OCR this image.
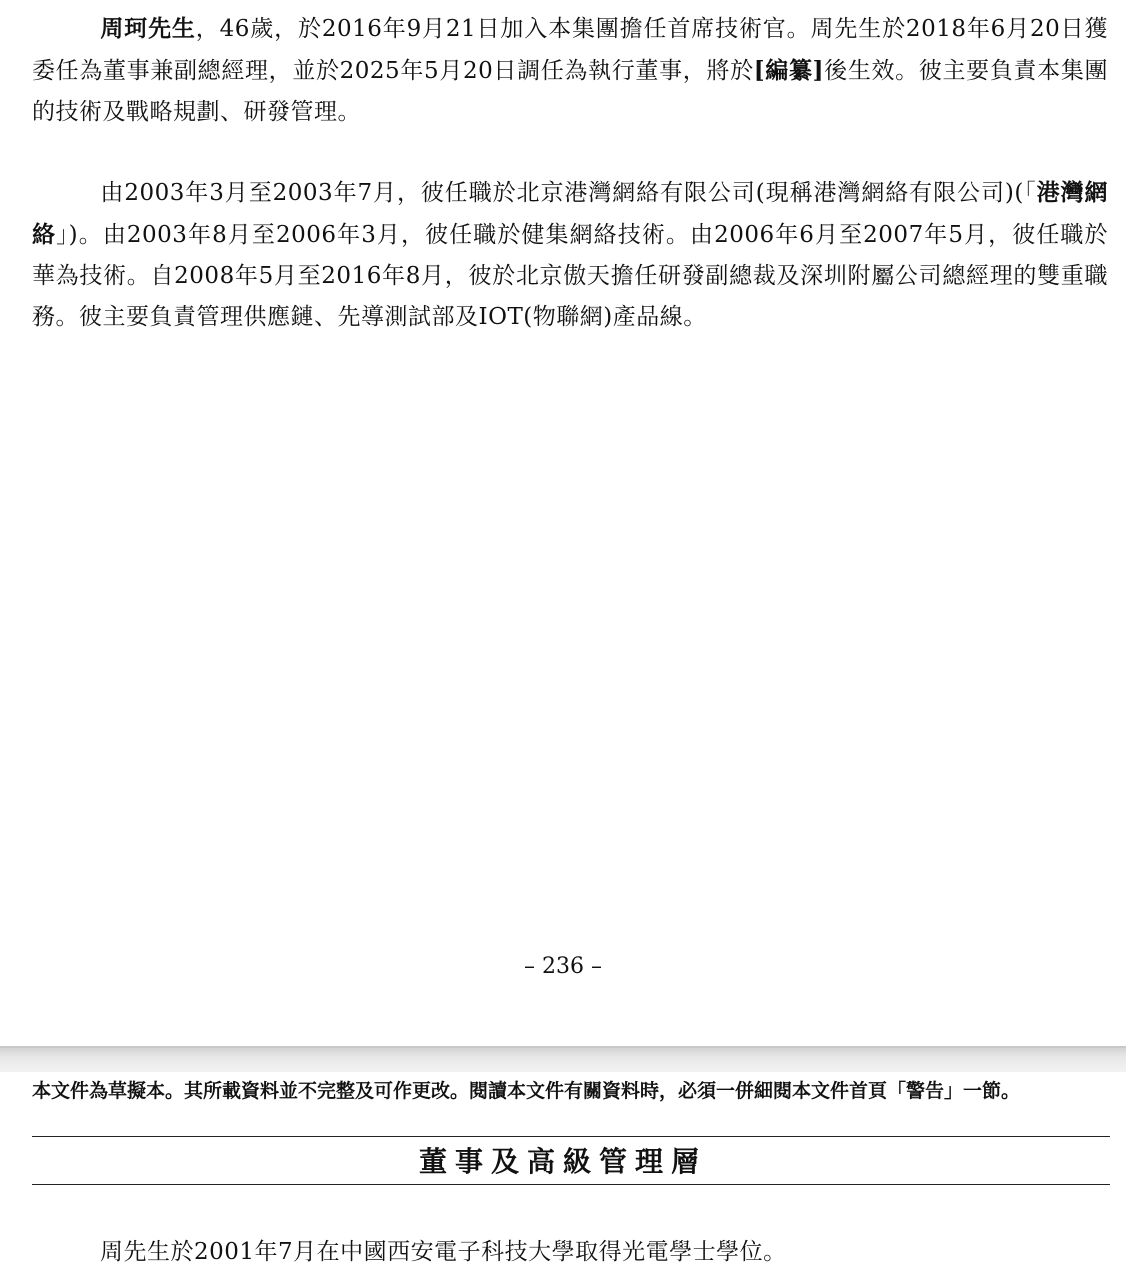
周珂先生，46歲，於2016年9月21日加入本集團擔任首席技術官。周先生於2018年6月20日獲委任為董事兼副總經理，並於2025年5月20日調任為執行董事，將於[編纂]後生效。彼主要負責本集團的技術及戰略規劃、研發管理。

由2003年3月至2003年7月，彼任職於北京港灣網絡有限公司(現稱港灣網絡有限公司)(「港灣網絡」)。由2003年8月至2006年3月，彼任職於健集網絡技術。由2006年6月至2007年5月，彼任職於華為技術。自2008年5月至2016年8月，彼於北京傲天擔任研發副總裁及深圳附屬公司總經理的雙重職務。彼主要負責管理供應鏈、先導測試部及IOT(物聯網)產品線。

– 236 –
本文件為草擬本。其所載資料並不完整及可作更改。閱讀本文件有關資料時，必須一併細閱本文件首頁「警告」一節。
董事及高級管理層

周先生於2001年7月在中國西安電子科技大學取得光電學士學位。
